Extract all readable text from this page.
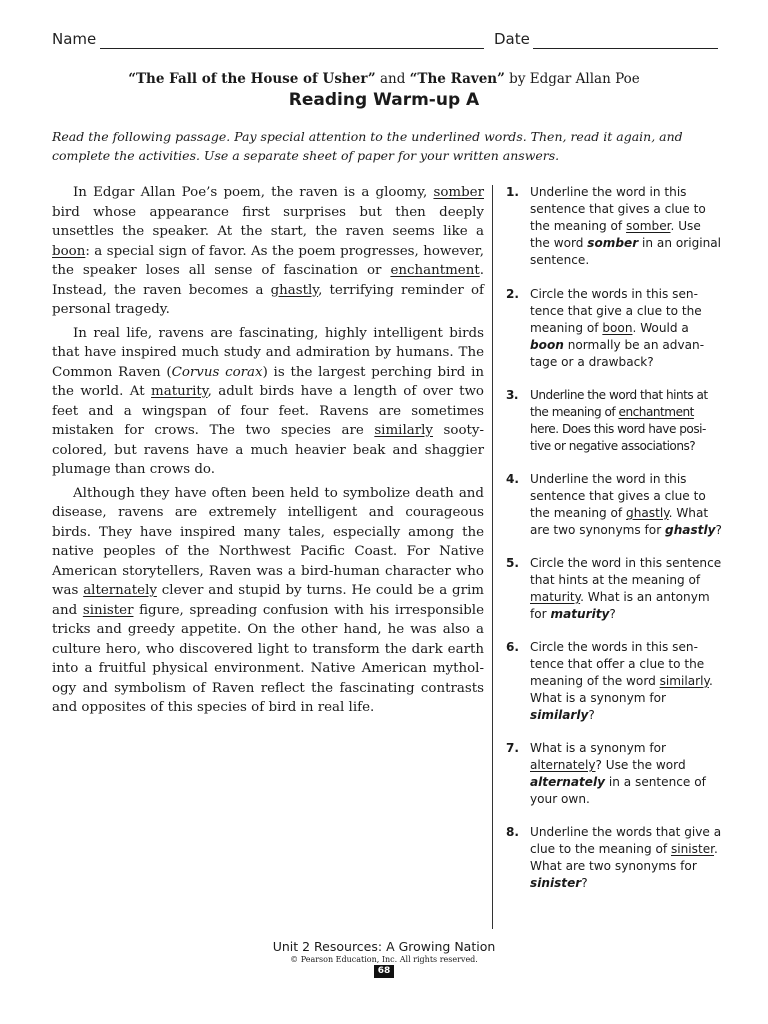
Name	Date
“The Fall of the House of Usher” and “The Raven” by Edgar Allan Poe
Reading Warm-up A
Read the following passage. Pay special attention to the underlined words. Then, read it again, and complete the activities. Use a separate sheet of paper for your written answers.

In Edgar Allan Poe’s poem, the raven is a gloomy, somber bird whose appearance first surprises but then deeply unsettles the speaker. At the start, the raven seems like a boon: a special sign of favor. As the poem progresses, however, the speaker loses all sense of fascination or enchantment. Instead, the raven becomes a ghastly, terrifying reminder of personal tragedy.

In real life, ravens are fascinating, highly intelligent birds that have inspired much study and admiration by humans. The Common Raven (Corvus corax) is the largest perching bird in the world. At maturity, adult birds have a length of over two feet and a wingspan of four feet. Ravens are sometimes mistaken for crows. The two species are similarly sooty-colored, but ravens have a much heavier beak and shaggier plumage than crows do.

Although they have often been held to symbolize death and disease, ravens are extremely intelligent and courageous birds. They have inspired many tales, especially among the native peoples of the Northwest Pacific Coast. For Native American storytellers, Raven was a bird-human character who was alternately clever and stupid by turns. He could be a grim and sinister figure, spreading confusion with his irresponsible tricks and greedy appetite. On the other hand, he was also a culture hero, who discovered light to transform the dark earth into a fruitful physical environment. Native American mythology and symbolism of Raven reflect the fascinating contrasts and opposites of this species of bird in real life.

1. Underline the word in this sentence that gives a clue to the meaning of somber. Use the word somber in an original sentence.
2. Circle the words in this sentence that give a clue to the meaning of boon. Would a boon normally be an advantage or a drawback?
3. Underline the word that hints at the meaning of enchantment here. Does this word have positive or negative associations?
4. Underline the word in this sentence that gives a clue to the meaning of ghastly. What are two synonyms for ghastly?
5. Circle the word in this sentence that hints at the meaning of maturity. What is an antonym for maturity?
6. Circle the words in this sentence that offer a clue to the meaning of the word similarly. What is a synonym for similarly?
7. What is a synonym for alternately? Use the word alternately in a sentence of your own.
8. Underline the words that give a clue to the meaning of sinister. What are two synonyms for sinister?
Unit 2 Resources: A Growing Nation
© Pearson Education, Inc. All rights reserved.
68
